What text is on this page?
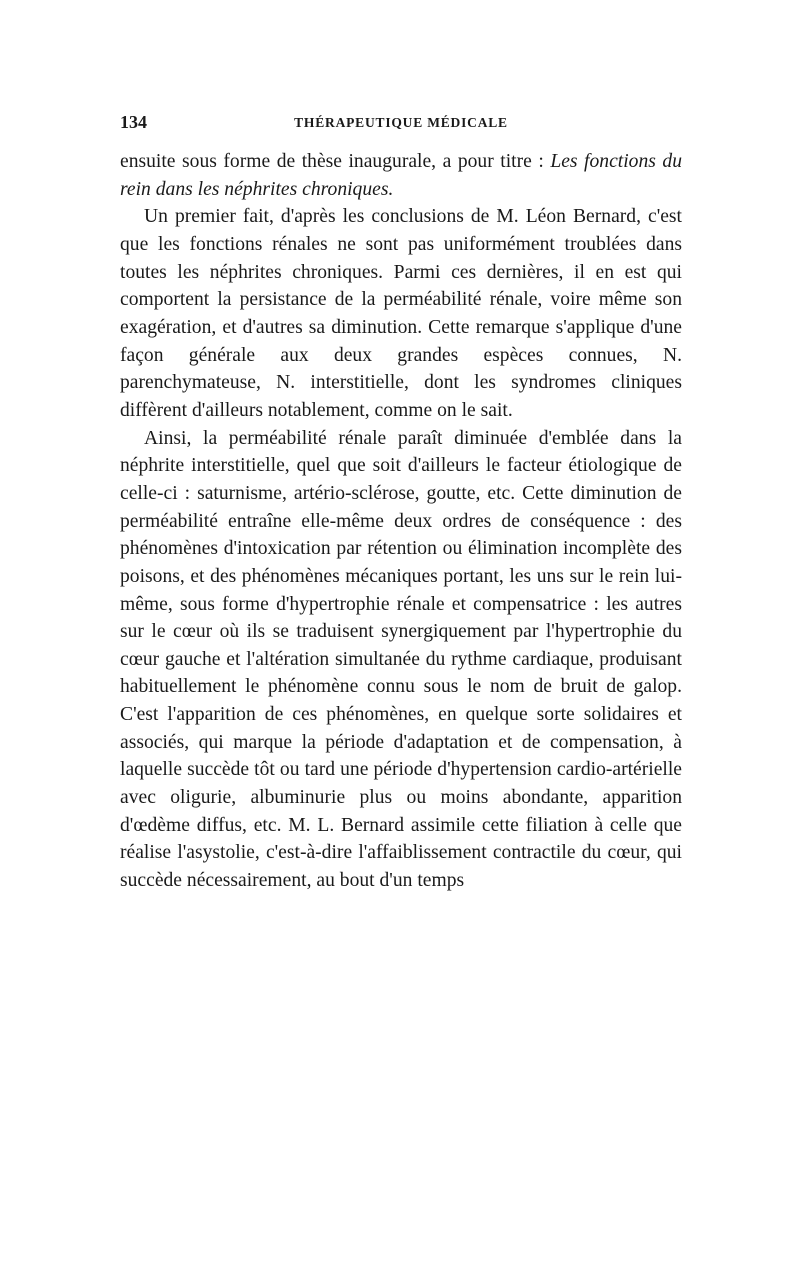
134	THÉRAPEUTIQUE MÉDICALE

ensuite sous forme de thèse inaugurale, a pour titre : Les fonctions du rein dans les néphrites chroniques.

Un premier fait, d'après les conclusions de M. Léon Bernard, c'est que les fonctions rénales ne sont pas uniformément troublées dans toutes les néphrites chroniques. Parmi ces dernières, il en est qui comportent la persistance de la perméabilité rénale, voire même son exagération, et d'autres sa diminution. Cette remarque s'applique d'une façon générale aux deux grandes espèces connues, N. parenchymateuse, N. interstitielle, dont les syndromes cliniques diffèrent d'ailleurs notablement, comme on le sait.

Ainsi, la perméabilité rénale paraît diminuée d'emblée dans la néphrite interstitielle, quel que soit d'ailleurs le facteur étiologique de celle-ci : saturnisme, artério-sclérose, goutte, etc. Cette diminution de perméabilité entraîne elle-même deux ordres de conséquence : des phénomènes d'intoxication par rétention ou élimination incomplète des poisons, et des phénomènes mécaniques portant, les uns sur le rein lui-même, sous forme d'hypertrophie rénale et compensatrice : les autres sur le cœur où ils se traduisent synergiquement par l'hypertrophie du cœur gauche et l'altération simultanée du rythme cardiaque, produisant habituellement le phénomène connu sous le nom de bruit de galop. C'est l'apparition de ces phénomènes, en quelque sorte solidaires et associés, qui marque la période d'adaptation et de compensation, à laquelle succède tôt ou tard une période d'hypertension cardio-artérielle avec oligurie, albuminurie plus ou moins abondante, apparition d'œdème diffus, etc. M. L. Bernard assimile cette filiation à celle que réalise l'asystolie, c'est-à-dire l'affaiblissement contractile du cœur, qui succède nécessairement, au bout d'un temps
